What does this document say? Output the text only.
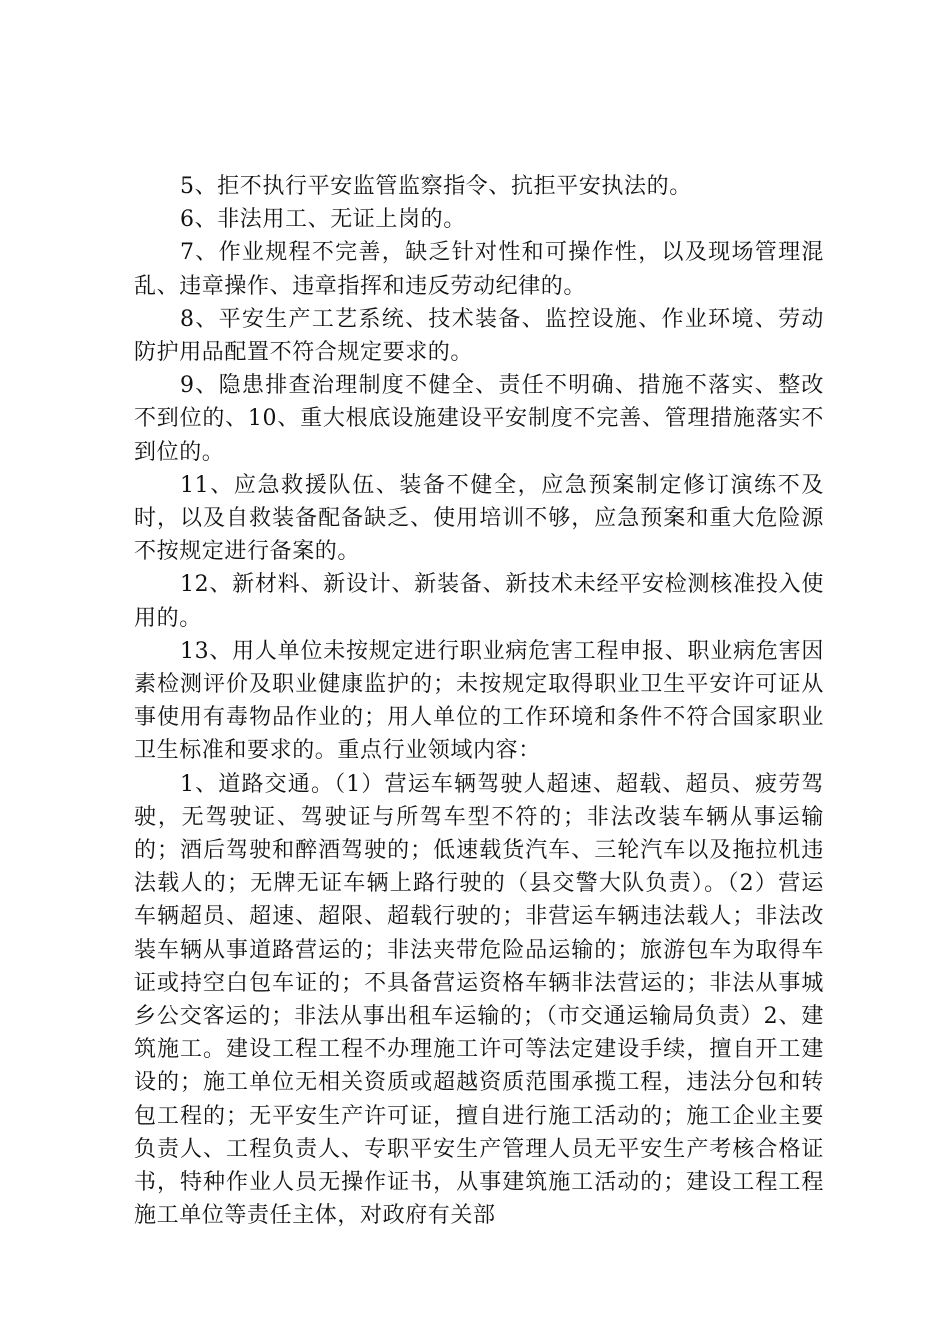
5、拒不执行平安监管监察指令、抗拒平安执法的。

6、非法用工、无证上岗的。

7、作业规程不完善，缺乏针对性和可操作性，以及现场管理混乱、违章操作、违章指挥和违反劳动纪律的。

8、平安生产工艺系统、技术装备、监控设施、作业环境、劳动防护用品配置不符合规定要求的。

9、隐患排查治理制度不健全、责任不明确、措施不落实、整改不到位的、10、重大根底设施建设平安制度不完善、管理措施落实不到位的。

11、应急救援队伍、装备不健全，应急预案制定修订演练不及时，以及自救装备配备缺乏、使用培训不够，应急预案和重大危险源不按规定进行备案的。

12、新材料、新设计、新装备、新技术未经平安检测核准投入使用的。

13、用人单位未按规定进行职业病危害工程申报、职业病危害因素检测评价及职业健康监护的；未按规定取得职业卫生平安许可证从事使用有毒物品作业的；用人单位的工作环境和条件不符合国家职业卫生标准和要求的。重点行业领域内容：

1、道路交通。（1）营运车辆驾驶人超速、超载、超员、疲劳驾驶，无驾驶证、驾驶证与所驾车型不符的；非法改装车辆从事运输的；酒后驾驶和醉酒驾驶的；低速载货汽车、三轮汽车以及拖拉机违法载人的；无牌无证车辆上路行驶的（县交警大队负责）。（2）营运车辆超员、超速、超限、超载行驶的；非营运车辆违法载人；非法改装车辆从事道路营运的；非法夹带危险品运输的；旅游包车为取得车证或持空白包车证的；不具备营运资格车辆非法营运的；非法从事城乡公交客运的；非法从事出租车运输的；（市交通运输局负责）2、建筑施工。建设工程工程不办理施工许可等法定建设手续，擅自开工建设的；施工单位无相关资质或超越资质范围承揽工程，违法分包和转包工程的；无平安生产许可证，擅自进行施工活动的；施工企业主要负责人、工程负责人、专职平安生产管理人员无平安生产考核合格证书，特种作业人员无操作证书，从事建筑施工活动的；建设工程工程施工单位等责任主体，对政府有关部
